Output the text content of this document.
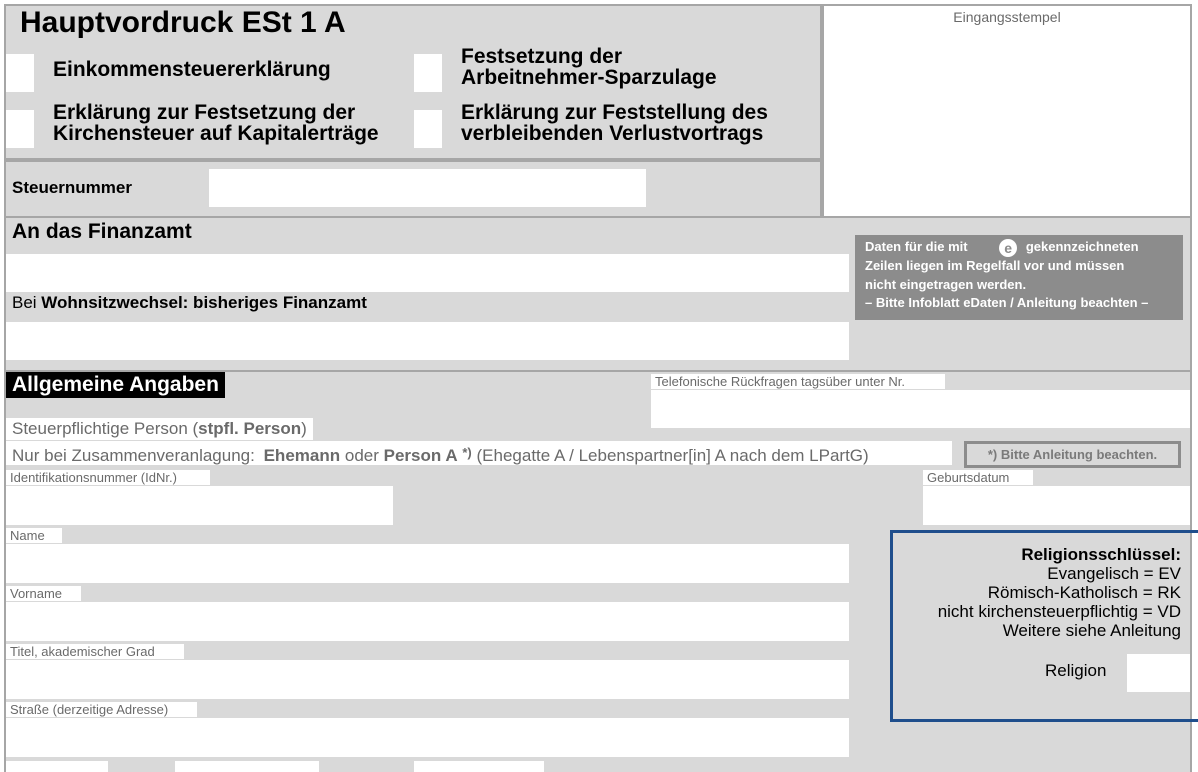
Hauptvordruck ESt 1 A
Einkommensteuererklärung
Festsetzung der
Arbeitnehmer-Sparzulage
Erklärung zur Festsetzung der
Kirchensteuer auf Kapitalerträge
Erklärung zur Feststellung des
verbleibenden Verlustvortrags
Eingangsstempel
Steuernummer
An das Finanzamt
Bei Wohnsitzwechsel: bisheriges Finanzamt
Daten für die mit	e gekennzeichneten
Zeilen liegen im Regelfall vor und müssen
nicht eingetragen werden.
– Bitte Infoblatt eDaten / Anleitung beachten –
Allgemeine Angaben	Telefonische Rückfragen tagsüber unter Nr.
Steuerpflichtige Person (stpfl. Person)
Nur bei Zusammenveranlagung: Ehemann oder Person A *) (Ehegatte A / Lebenspartner[in] A nach dem LPartG)	*) Bitte Anleitung beachten.
Identifikationsnummer (IdNr.)	Geburtsdatum
Name
Vorname
Titel, akademischer Grad
Straße (derzeitige Adresse)
Religionsschlüssel:
Evangelisch = EV
Römisch-Katholisch = RK
nicht kirchensteuerpflichtig = VD
Weitere siehe Anleitung
Religion
